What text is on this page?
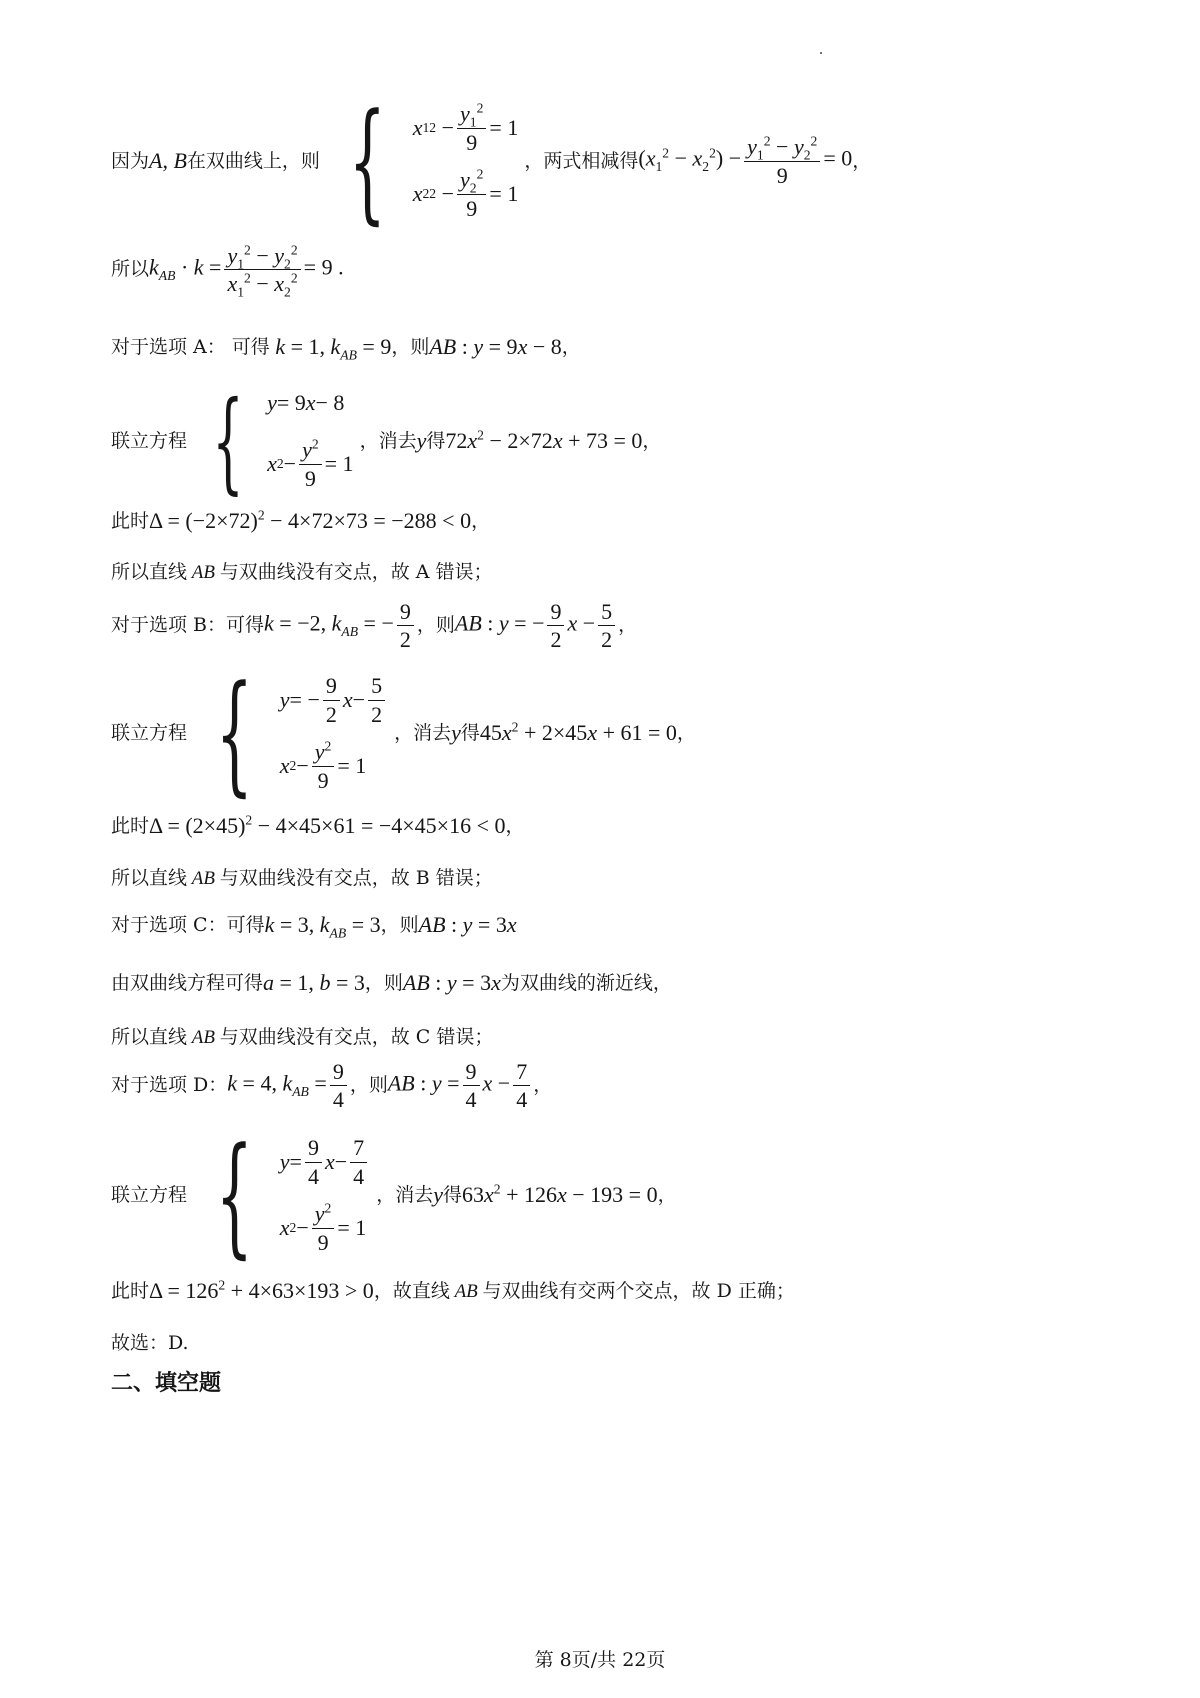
因为A, B在双曲线上，则 { x 1 $2 - \frac{y_1^2}{9} = 1$
x 2 $2 - \frac{y_2^2}{9} = 1$
，两式相减得$(x_1^2 - x_2^2) - \frac{y_1^2 - y_2^2}{9} = 0$，
所以$k_{AB} \cdot k = \frac{y_1^2 - y_2^2}{x_1^2 - x_2^2} = 9$ .
对于选项 A： 可得 k = 1, $k_{AB} = 9$，则AB : y = 9x − 8，
联立方程 { y = 9 x − 8
x $2 - \frac{y^2}{9} = 1$
，消去y得$72x^2 - 2\times 72x + 73 = 0$，
此时$\Delta = (-2\times 72)^2 - 4\times 72\times 73 = -288 < 0$，
所以直线 AB 与双曲线没有交点，故 A 错误；
对于选项 B：可得k = −2, $k_{AB}$ = − $\frac{9}{2}$ ，则AB : y = − $\frac{9}{2}$ $x - \frac{5}{2}$ ，
联立方程 { y = − $\frac{9}{2}$ $x - \frac{5}{2}$
x $2 - \frac{y^2}{9} = 1$
，消去y得$45x^2 + 2\times 45x + 61 = 0$，
此时$\Delta = (2\times 45)^2 - 4\times 45\times 61 = -4\times 45\times 16 < 0$，
所以直线 AB 与双曲线没有交点，故 B 错误；
对于选项 C：可得k = 3, $k_{AB} = 3$，则AB : y = 3x
由双曲线方程可得a = 1, b = 3，则AB : y = 3x为双曲线的渐近线，
所以直线 AB 与双曲线没有交点，故 C 错误；
对于选项 D：k = 4, $k_{AB} = \frac{9}{4}$ ，则AB : $y = \frac{9}{4}$ $x - \frac{7}{4}$ ，
联立方程 { $y = \frac{9}{4}$ $x - \frac{7}{4}$
x $2 - \frac{y^2}{9} = 1$
，消去y得$63x^2 + 126x - 193 = 0$，
此时$\Delta = 126^2 + 4\times 63\times 193 > 0$，故直线 AB 与双曲线有交两个交点，故 D 正确；
故选：D.
二、填空题
第 8页/共 22页
